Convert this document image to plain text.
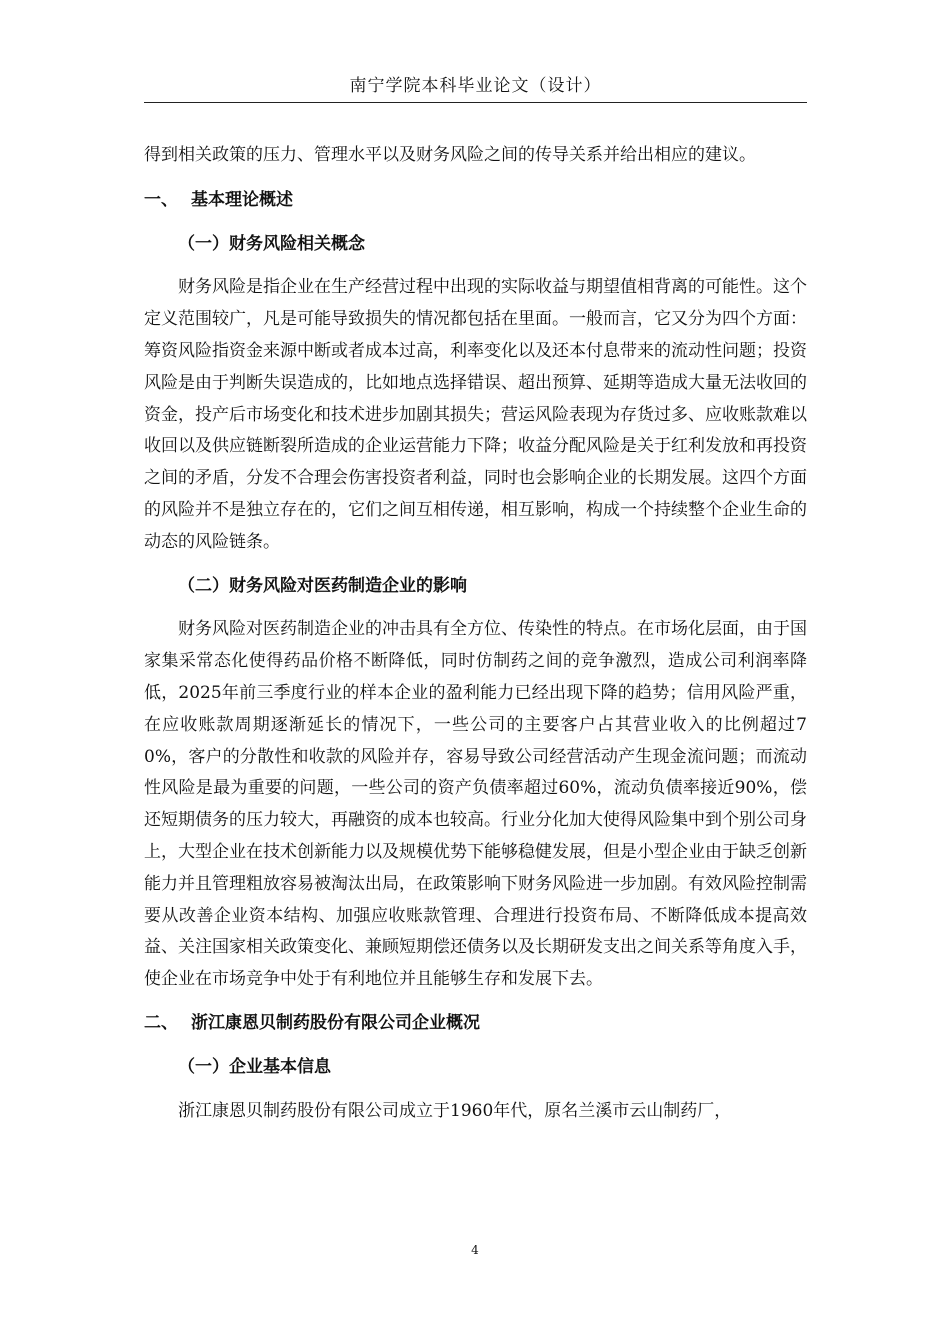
南宁学院本科毕业论文（设计）

得到相关政策的压力、管理水平以及财务风险之间的传导关系并给出相应的建议。

一、 基本理论概述
（一）财务风险相关概念

财务风险是指企业在生产经营过程中出现的实际收益与期望值相背离的可能性。这个定义范围较广，凡是可能导致损失的情况都包括在里面。一般而言，它又分为四个方面：筹资风险指资金来源中断或者成本过高，利率变化以及还本付息带来的流动性问题；投资风险是由于判断失误造成的，比如地点选择错误、超出预算、延期等造成大量无法收回的资金，投产后市场变化和技术进步加剧其损失；营运风险表现为存货过多、应收账款难以收回以及供应链断裂所造成的企业运营能力下降；收益分配风险是关于红利发放和再投资之间的矛盾，分发不合理会伤害投资者利益，同时也会影响企业的长期发展。这四个方面的风险并不是独立存在的，它们之间互相传递，相互影响，构成一个持续整个企业生命的动态的风险链条。

（二）财务风险对医药制造企业的影响

财务风险对医药制造企业的冲击具有全方位、传染性的特点。在市场化层面，由于国家集采常态化使得药品价格不断降低，同时仿制药之间的竞争激烈，造成公司利润率降低，2025年前三季度行业的样本企业的盈利能力已经出现下降的趋势；信用风险严重，在应收账款周期逐渐延长的情况下，一些公司的主要客户占其营业收入的比例超过70%，客户的分散性和收款的风险并存，容易导致公司经营活动产生现金流问题；而流动性风险是最为重要的问题，一些公司的资产负债率超过60%，流动负债率接近90%，偿还短期债务的压力较大，再融资的成本也较高。行业分化加大使得风险集中到个别公司身上，大型企业在技术创新能力以及规模优势下能够稳健发展，但是小型企业由于缺乏创新能力并且管理粗放容易被淘汰出局，在政策影响下财务风险进一步加剧。有效风险控制需要从改善企业资本结构、加强应收账款管理、合理进行投资布局、不断降低成本提高效益、关注国家相关政策变化、兼顾短期偿还债务以及长期研发支出之间关系等角度入手，使企业在市场竞争中处于有利地位并且能够生存和发展下去。

二、 浙江康恩贝制药股份有限公司企业概况
（一）企业基本信息

浙江康恩贝制药股份有限公司成立于1960年代，原名兰溪市云山制药厂，

4
